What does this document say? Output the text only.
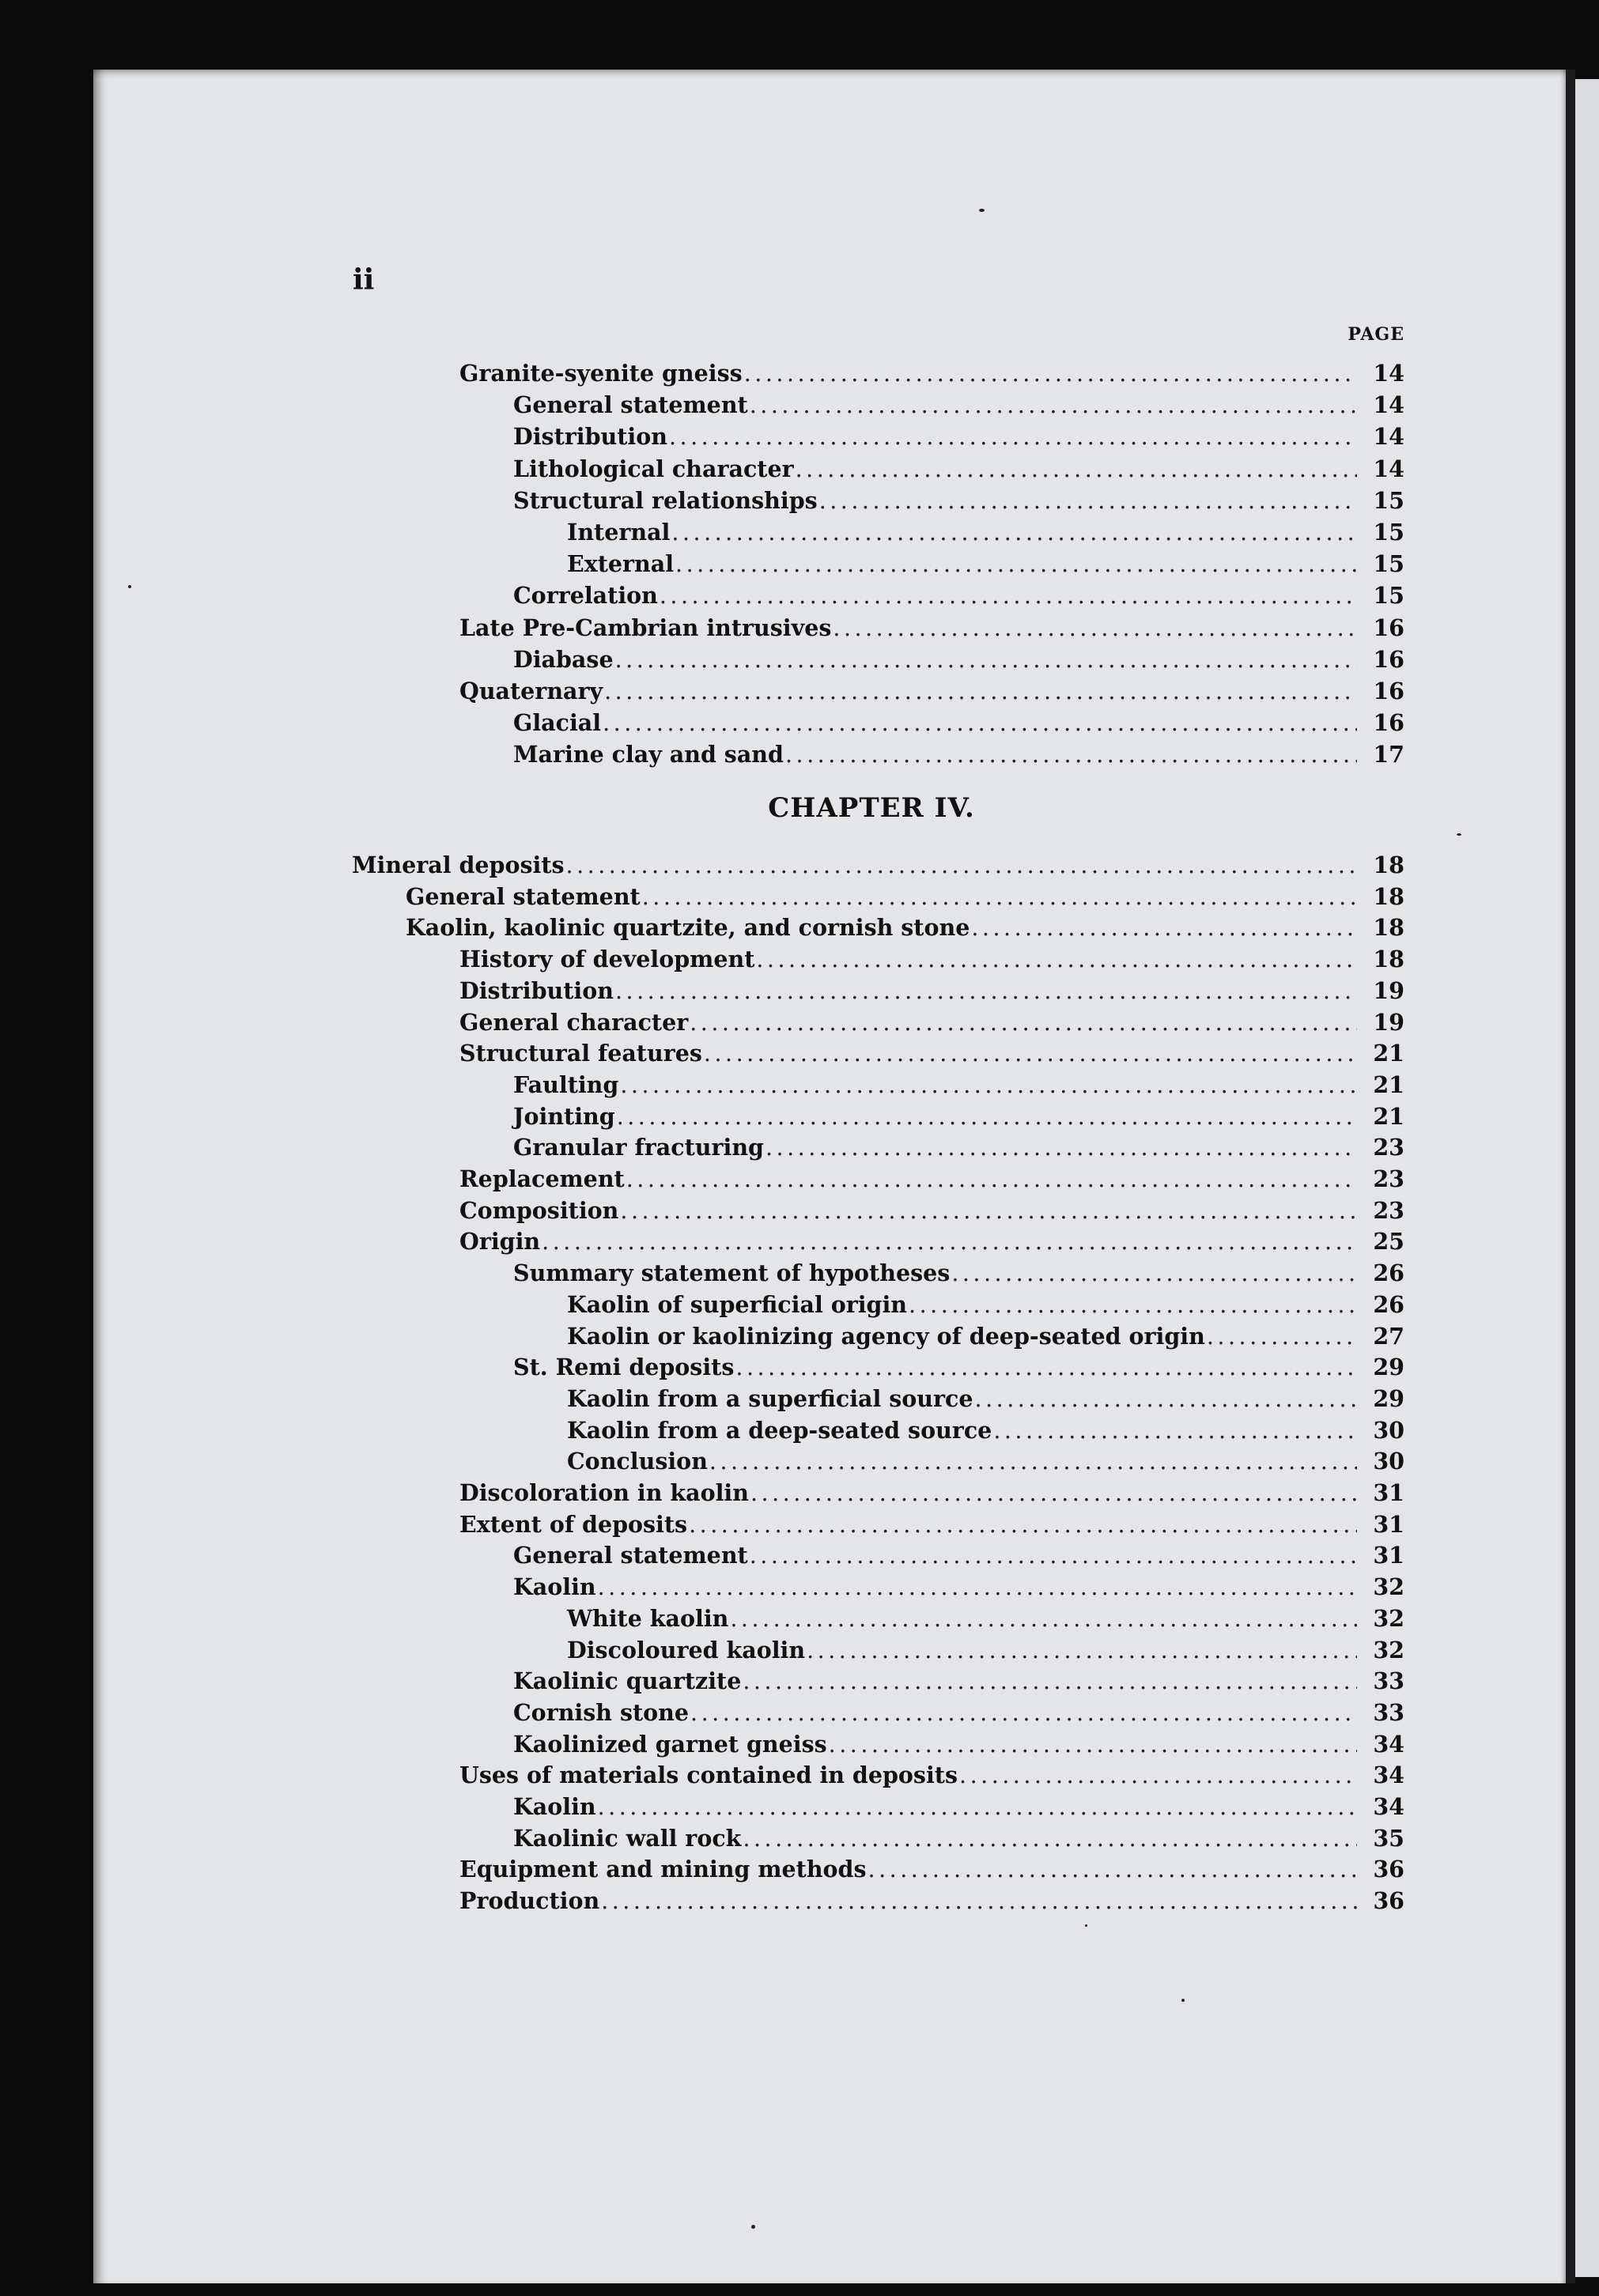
ii
PAGE
Granite-syenite gneiss .....	14
General statement .....	14
Distribution .....	14
Lithological character .....	14
Structural relationships .....	15
Internal .....	15
External .....	15
Correlation .....	15
Late Pre-Cambrian intrusives .....	16
Diabase .....	16
Quaternary .....	16
Glacial .....	16
Marine clay and sand .....	17
CHAPTER IV.
Mineral deposits .....	18
General statement .....	18
Kaolin, kaolinic quartzite, and cornish stone .....	18
History of development .....	18
Distribution .....	19
General character .....	19
Structural features .....	21
Faulting .....	21
Jointing .....	21
Granular fracturing .....	23
Replacement .....	23
Composition .....	23
Origin .....	25
Summary statement of hypotheses .....	26
Kaolin of superficial origin .....	26
Kaolin or kaolinizing agency of deep-seated origin .....	27
St. Remi deposits .....	29
Kaolin from a superficial source .....	29
Kaolin from a deep-seated source .....	30
Conclusion .....	30
Discoloration in kaolin .....	31
Extent of deposits .....	31
General statement .....	31
Kaolin .....	32
White kaolin .....	32
Discoloured kaolin .....	32
Kaolinic quartzite .....	33
Cornish stone .....	33
Kaolinized garnet gneiss .....	34
Uses of materials contained in deposits .....	34
Kaolin .....	34
Kaolinic wall rock .....	35
Equipment and mining methods .....	36
Production .....	36
